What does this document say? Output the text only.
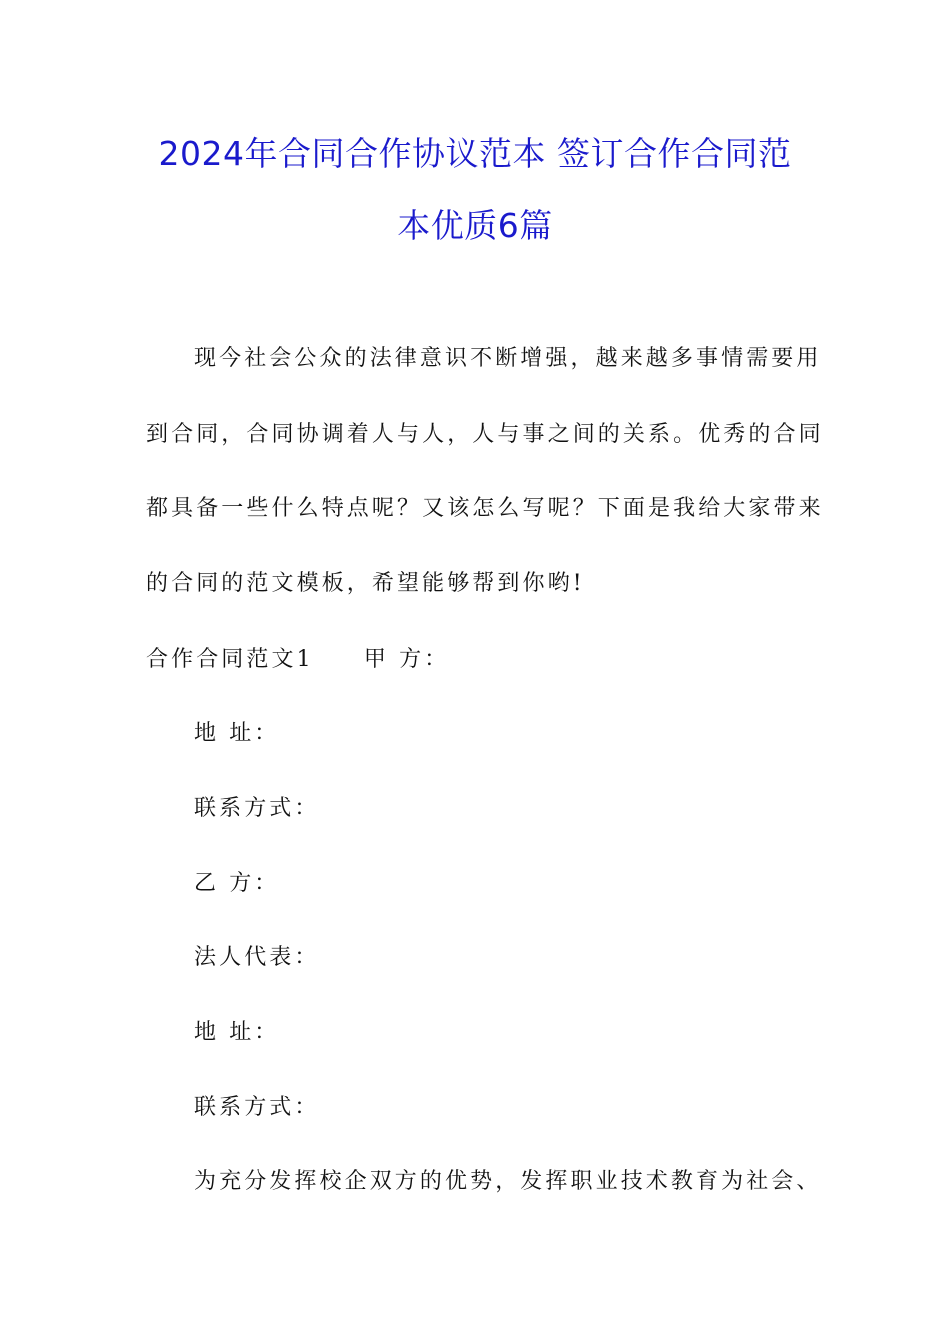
2024年合同合作协议范本 签订合作合同范
本优质6篇

现今社会公众的法律意识不断增强，越来越多事情需要用

到合同，合同协调着人与人，人与事之间的关系。优秀的合同

都具备一些什么特点呢？又该怎么写呢？下面是我给大家带来

的合同的范文模板，希望能够帮到你哟!

合作合同范文1　　甲 方：

地 址：

联系方式：

乙 方：

法人代表：

地 址：

联系方式：

为充分发挥校企双方的优势，发挥职业技术教育为社会、
